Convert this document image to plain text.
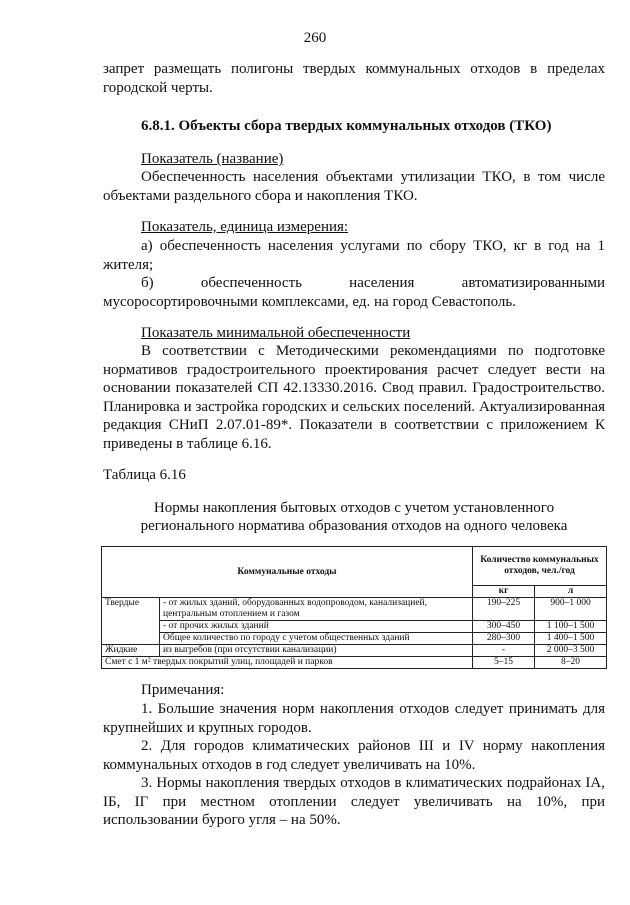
260

запрет размещать полигоны твердых коммунальных отходов в пределах городской черты.

6.8.1. Объекты сбора твердых коммунальных отходов (ТКО)

Показатель (название)

Обеспеченность населения объектами утилизации ТКО, в том числе объектами раздельного сбора и накопления ТКО.

Показатель, единица измерения:

а) обеспеченность населения услугами по сбору ТКО, кг в год на 1 жителя;

б) обеспеченность населения автоматизированными мусоросортировочными комплексами, ед. на город Севастополь.

Показатель минимальной обеспеченности

В соответствии с Методическими рекомендациями по подготовке нормативов градостроительного проектирования расчет следует вести на основании показателей СП 42.13330.2016. Свод правил. Градостроительство. Планировка и застройка городских и сельских поселений. Актуализированная редакция СНиП 2.07.01-89*. Показатели в соответствии с приложением К приведены в таблице 6.16.

Таблица 6.16

Нормы накопления бытовых отходов с учетом установленного

регионального норматива образования отходов на одного человека

Коммунальные отходы		Количество коммунальных отходов, чел./год	
		кг	л
Твердые	- от жилых зданий, оборудованных водопроводом, канализацией, центральным отоплением и газом	190–225	900–1 000
	- от прочих жилых зданий	300–450	1 100–1 500
	Общее количество по городу с учетом общественных зданий	280–300	1 400–1 500
Жидкие	из выгребов (при отсутствии канализации)	-	2 000–3 500
Смет с 1 м² твердых покрытий улиц, площадей и парков		5–15	8–20

Примечания:

1. Большие значения норм накопления отходов следует принимать для крупнейших и крупных городов.

2. Для городов климатических районов III и IV норму накопления коммунальных отходов в год следует увеличивать на 10%.

3. Нормы накопления твердых отходов в климатических подрайонах IА, IБ, IГ при местном отоплении следует увеличивать на 10%, при использовании бурого угля – на 50%.
